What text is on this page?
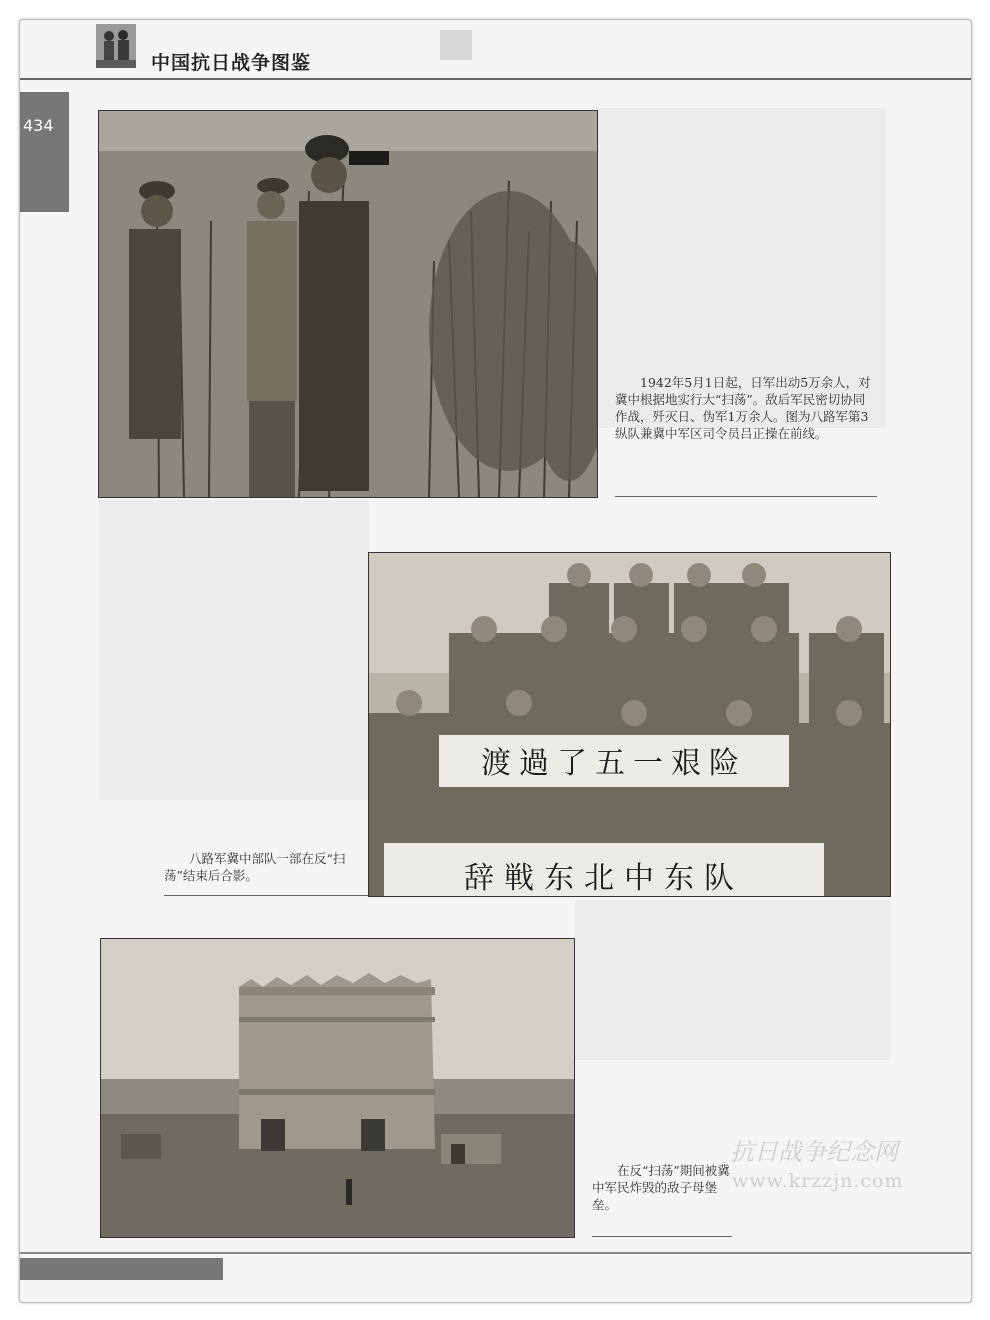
中国抗日战争图鉴
434
1942年5月1日起，日军出动5万余人，对冀中根据地实行大“扫荡”。敌后军民密切协同作战，歼灭日、伪军1万余人。图为八路军第3纵队兼冀中军区司令员吕正操在前线。
渡過了五一艰险
辞戦东北中东队
八路军冀中部队一部在反“扫荡”结束后合影。
在反“扫荡”期间被冀中军民炸毁的敌子母堡垒。
抗日战争纪念网
www.krzzjn.com
